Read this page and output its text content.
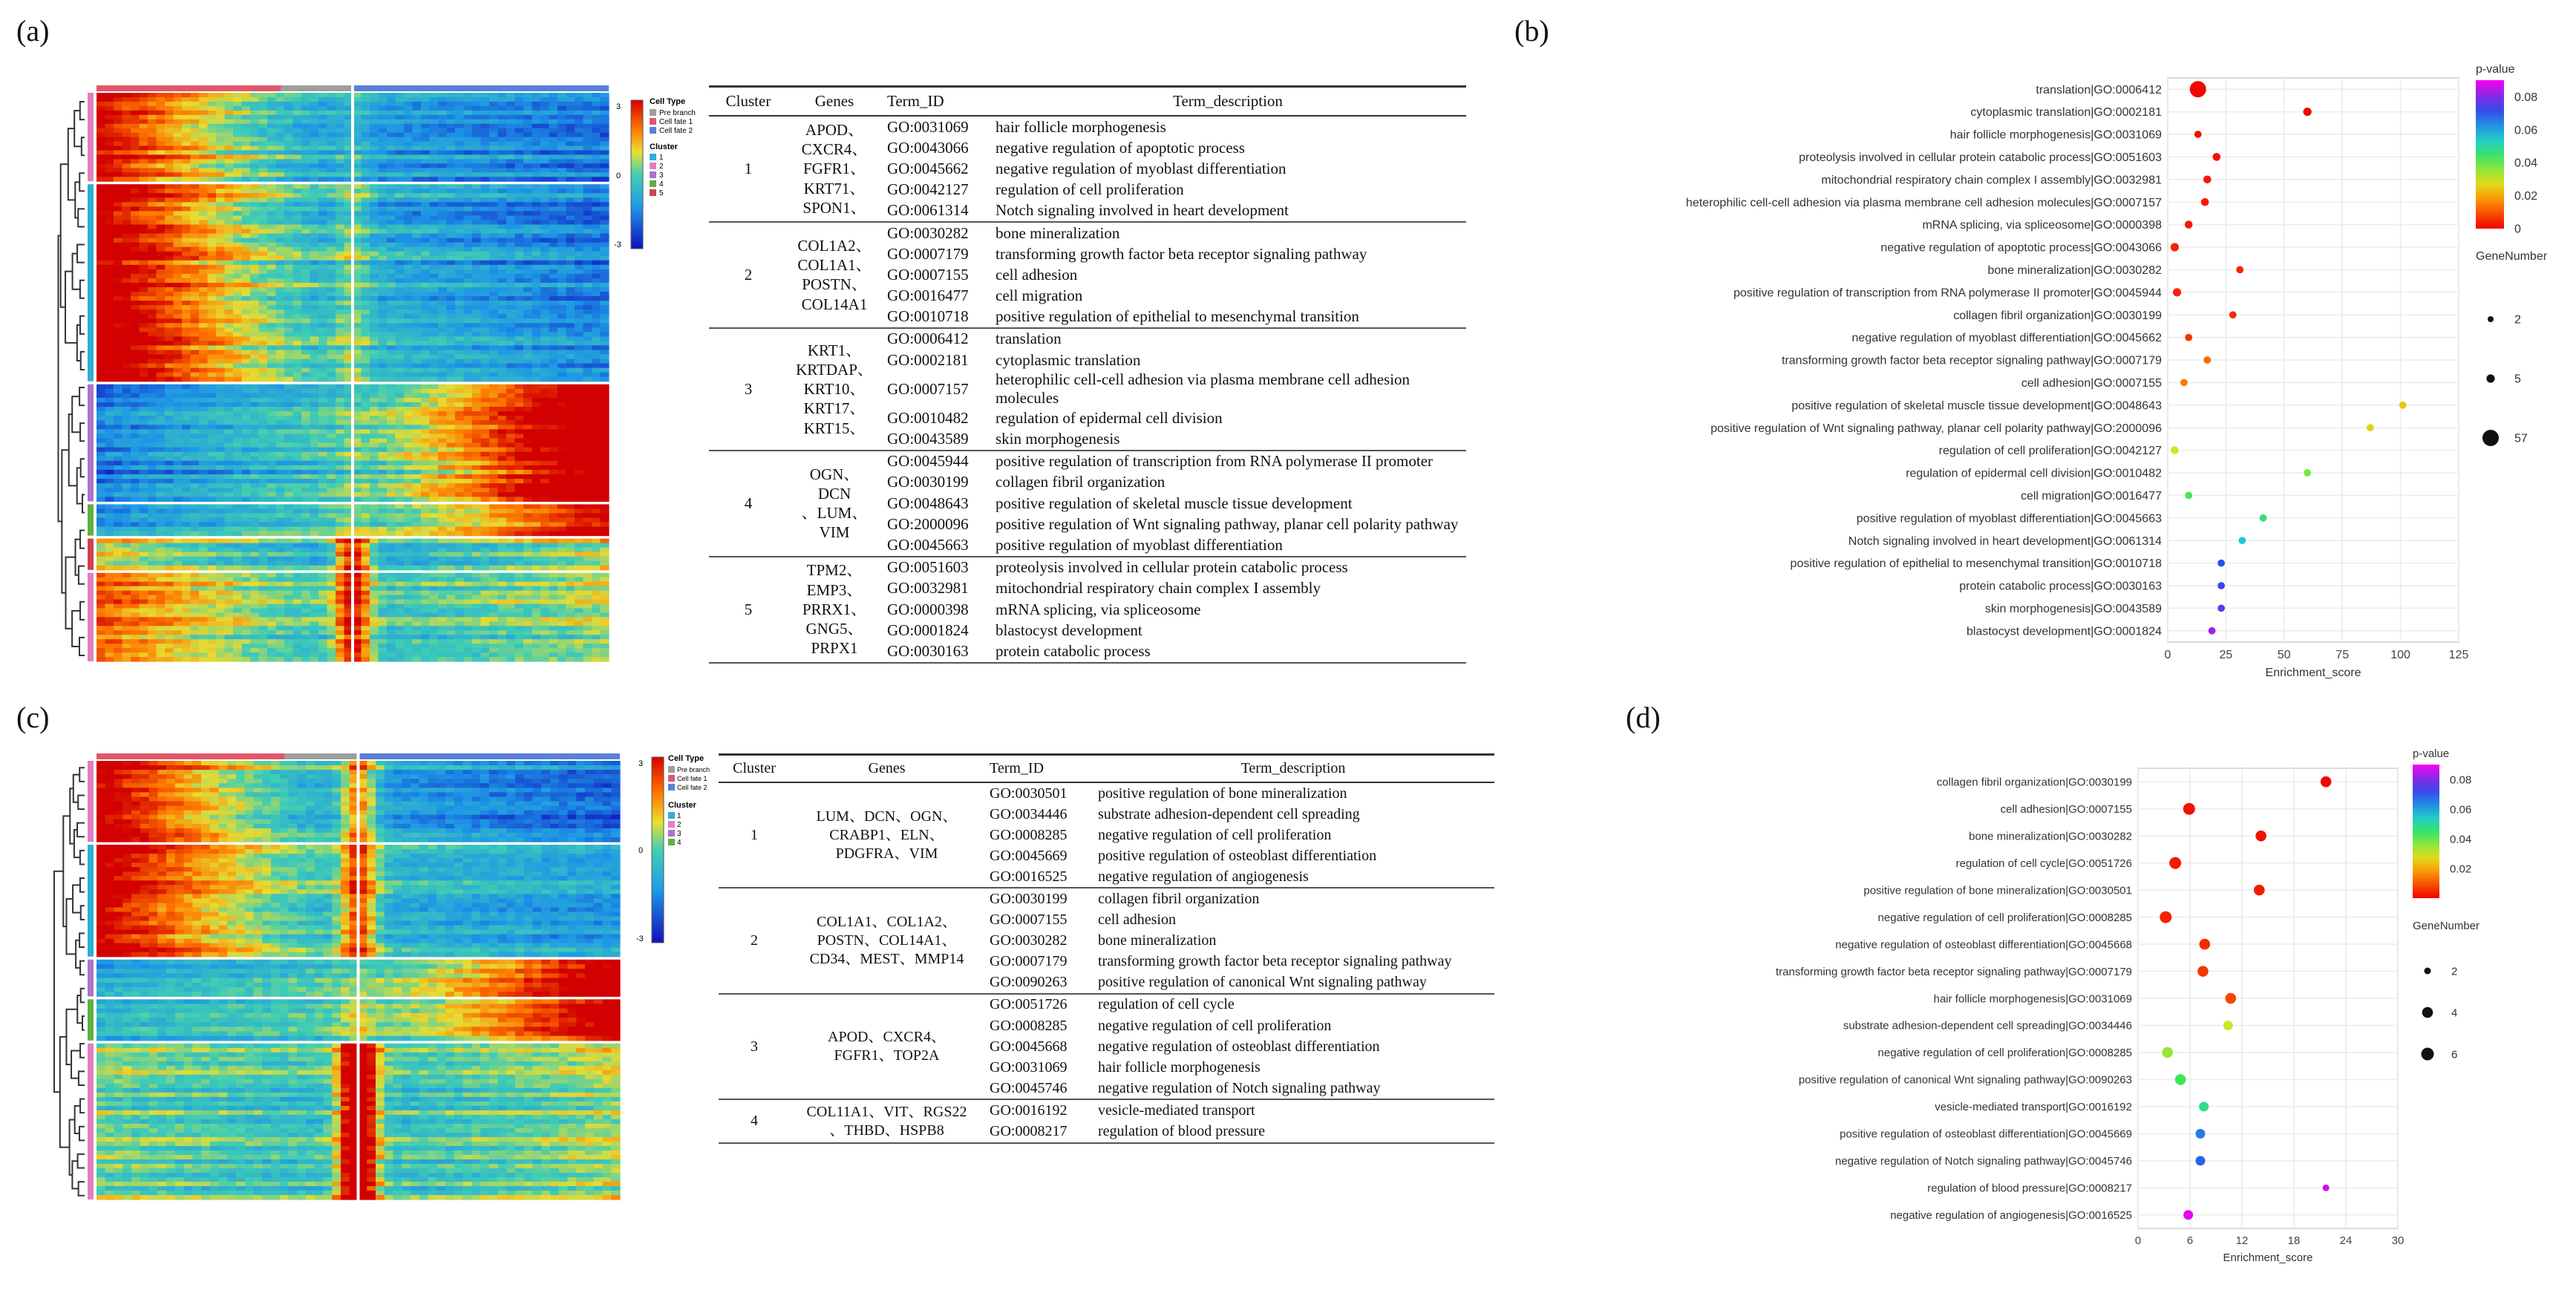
(a)	(b)
(c)	(d)
3
0
-3
Cell Type
Pre branch
Cell fate 1
Cell fate 2
Cluster
1
2
3
4
5
3
0
-3
Cell Type
Pre branch
Cell fate 1
Cell fate 2
Cluster
1
2
3
4
Cluster	Genes	Term_ID	Term_description
1	APOD、
CXCR4、
FGFR1、
KRT71、
SPON1、	GO:0031069	hair follicle morphogenesis
		GO:0043066	negative regulation of apoptotic process
		GO:0045662	negative regulation of myoblast differentiation
		GO:0042127	regulation of cell proliferation
		GO:0061314	Notch signaling involved in heart development
2	COL1A2、
COL1A1、
POSTN、
COL14A1	GO:0030282	bone mineralization
		GO:0007179	transforming growth factor beta receptor signaling pathway
		GO:0007155	cell adhesion
		GO:0016477	cell migration
		GO:0010718	positive regulation of epithelial to mesenchymal transition
3	KRT1、
KRTDAP、
KRT10、
KRT17、
KRT15、	GO:0006412	translation
		GO:0002181	cytoplasmic translation
		GO:0007157	heterophilic cell-cell adhesion via plasma membrane cell adhesion molecules
		GO:0010482	regulation of epidermal cell division
		GO:0043589	skin morphogenesis
4	OGN、DCN
、LUM、
VIM	GO:0045944	positive regulation of transcription from RNA polymerase II promoter
		GO:0030199	collagen fibril organization
		GO:0048643	positive regulation of skeletal muscle tissue development
		GO:2000096	positive regulation of Wnt signaling pathway, planar cell polarity pathway
		GO:0045663	positive regulation of myoblast differentiation
5	TPM2、
EMP3、
PRRX1、
GNG5、
PRPX1	GO:0051603	proteolysis involved in cellular protein catabolic process
		GO:0032981	mitochondrial respiratory chain complex I assembly
		GO:0000398	mRNA splicing, via spliceosome
		GO:0001824	blastocyst development
		GO:0030163	protein catabolic process
Cluster	Genes	Term_ID	Term_description
1	LUM、DCN、OGN、
CRABP1、ELN、
PDGFRA、VIM	GO:0030501	positive regulation of bone mineralization
		GO:0034446	substrate adhesion-dependent cell spreading
		GO:0008285	negative regulation of cell proliferation
		GO:0045669	positive regulation of osteoblast differentiation
		GO:0016525	negative regulation of angiogenesis
2	COL1A1、COL1A2、
POSTN、COL14A1、
CD34、MEST、MMP14	GO:0030199	collagen fibril organization
		GO:0007155	cell adhesion
		GO:0030282	bone mineralization
		GO:0007179	transforming growth factor beta receptor signaling pathway
		GO:0090263	positive regulation of canonical Wnt signaling pathway
3	APOD、CXCR4、
FGFR1、TOP2A	GO:0051726	regulation of cell cycle
		GO:0008285	negative regulation of cell proliferation
		GO:0045668	negative regulation of osteoblast differentiation
		GO:0031069	hair follicle morphogenesis
		GO:0045746	negative regulation of Notch signaling pathway
4	COL11A1、VIT、RGS22
、THBD、HSPB8	GO:0016192	vesicle-mediated transport
		GO:0008217	regulation of blood pressure
0	25	50	75	100	125
translation|GO:0006412
cytoplasmic translation|GO:0002181
hair follicle morphogenesis|GO:0031069
proteolysis involved in cellular protein catabolic process|GO:0051603
mitochondrial respiratory chain complex I assembly|GO:0032981
heterophilic cell-cell adhesion via plasma membrane cell adhesion molecules|GO:0007157
mRNA splicing, via spliceosome|GO:0000398
negative regulation of apoptotic process|GO:0043066
bone mineralization|GO:0030282
positive regulation of transcription from RNA polymerase II promoter|GO:0045944
collagen fibril organization|GO:0030199
negative regulation of myoblast differentiation|GO:0045662
transforming growth factor beta receptor signaling pathway|GO:0007179
cell adhesion|GO:0007155
positive regulation of skeletal muscle tissue development|GO:0048643
positive regulation of Wnt signaling pathway, planar cell polarity pathway|GO:2000096
regulation of cell proliferation|GO:0042127
regulation of epidermal cell division|GO:0010482
cell migration|GO:0016477
positive regulation of myoblast differentiation|GO:0045663
Notch signaling involved in heart development|GO:0061314
positive regulation of epithelial to mesenchymal transition|GO:0010718
protein catabolic process|GO:0030163
skin morphogenesis|GO:0043589
blastocyst development|GO:0001824
Enrichment_score
p-value
0.08
0.06
0.04
0.02
0
GeneNumber
2
5
57
0	6	12	18	24	30
collagen fibril organization|GO:0030199
cell adhesion|GO:0007155
bone mineralization|GO:0030282
regulation of cell cycle|GO:0051726
positive regulation of bone mineralization|GO:0030501
negative regulation of cell proliferation|GO:0008285
negative regulation of osteoblast differentiation|GO:0045668
transforming growth factor beta receptor signaling pathway|GO:0007179
hair follicle morphogenesis|GO:0031069
substrate adhesion-dependent cell spreading|GO:0034446
negative regulation of cell proliferation|GO:0008285
positive regulation of canonical Wnt signaling pathway|GO:0090263
vesicle-mediated transport|GO:0016192
positive regulation of osteoblast differentiation|GO:0045669
negative regulation of Notch signaling pathway|GO:0045746
regulation of blood pressure|GO:0008217
negative regulation of angiogenesis|GO:0016525
Enrichment_score
p-value
0.08
0.06
0.04
0.02
GeneNumber
2
4
6
